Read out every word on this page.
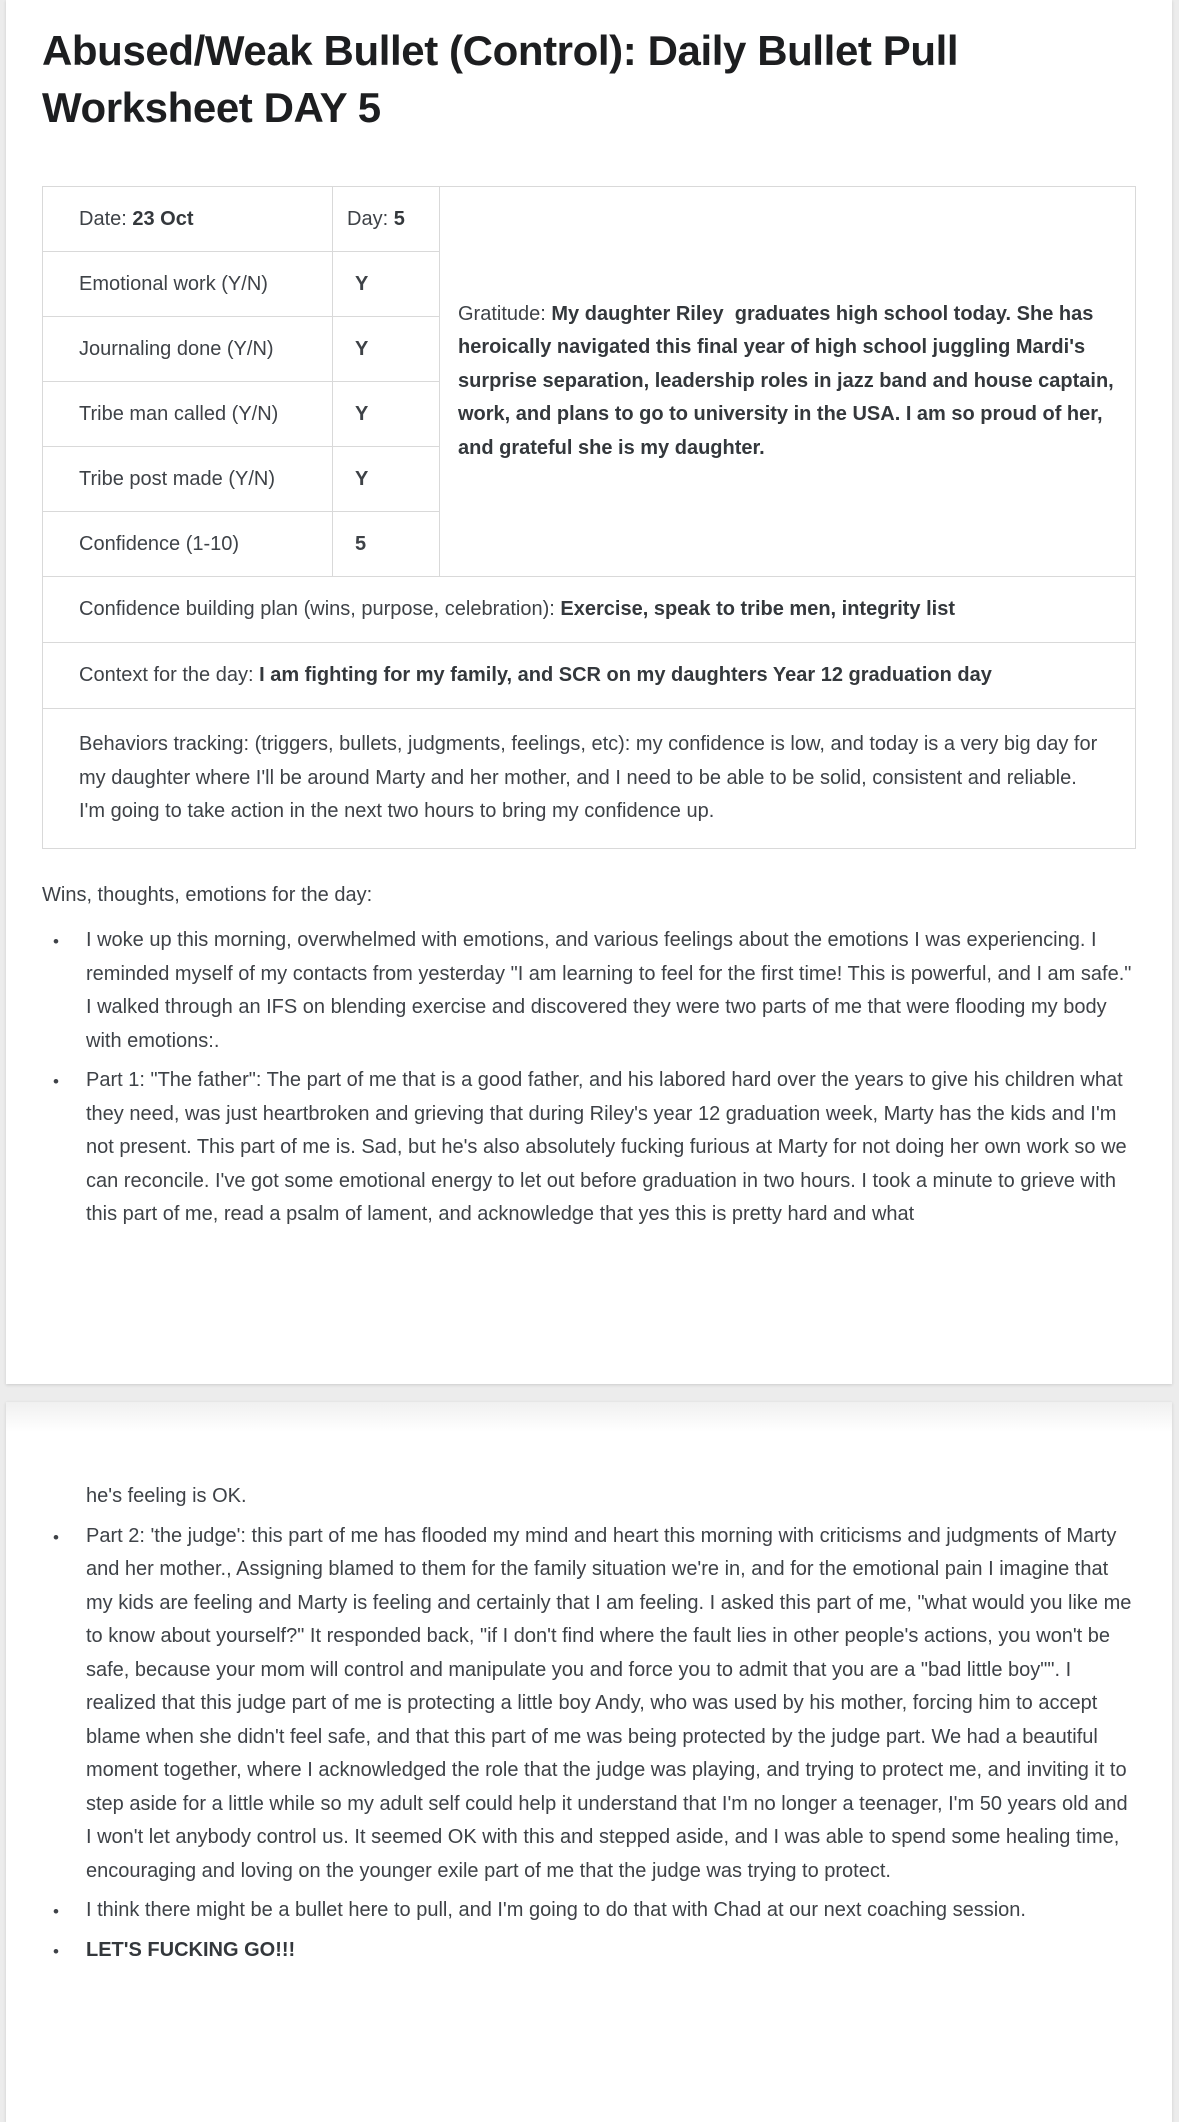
Abused/Weak Bullet (Control): Daily Bullet Pull Worksheet DAY 5
Date: 23 Oct	Day: 5	Gratitude: My daughter Riley  graduates high school today. She has heroically navigated this final year of high school juggling Mardi's surprise separation, leadership roles in jazz band and house captain, work, and plans to go to university in the USA. I am so proud of her, and grateful she is my daughter.
Emotional work (Y/N)	Y	
Journaling done (Y/N)	Y	
Tribe man called (Y/N)	Y	
Tribe post made (Y/N)	Y	
Confidence (1-10)	5	
Confidence building plan (wins, purpose, celebration): Exercise, speak to tribe men, integrity list		
Context for the day: I am fighting for my family, and SCR on my daughters Year 12 graduation day		
Behaviors tracking: (triggers, bullets, judgments, feelings, etc): my confidence is low, and today is a very big day for my daughter where I'll be around Marty and her mother, and I need to be able to be solid, consistent and reliable. I'm going to take action in the next two hours to bring my confidence up.		

Wins, thoughts, emotions for the day:

•
I woke up this morning, overwhelmed with emotions, and various feelings about the emotions I was experiencing. I reminded myself of my contacts from yesterday "I am learning to feel for the first time! This is powerful, and I am safe." I walked through an IFS on blending exercise and discovered they were two parts of me that were flooding my body with emotions:.
•
Part 1: "The father": The part of me that is a good father, and his labored hard over the years to give his children what they need, was just heartbroken and grieving that during Riley's year 12 graduation week, Marty has the kids and I'm not present. This part of me is. Sad, but he's also absolutely fucking furious at Marty for not doing her own work so we can reconcile. I've got some emotional energy to let out before graduation in two hours. I took a minute to grieve with this part of me, read a psalm of lament, and acknowledge that yes this is pretty hard and what
he's feeling is OK.
•
Part 2: 'the judge': this part of me has flooded my mind and heart this morning with criticisms and judgments of Marty and her mother., Assigning blamed to them for the family situation we're in, and for the emotional pain I imagine that my kids are feeling and Marty is feeling and certainly that I am feeling. I asked this part of me, "what would you like me to know about yourself?" It responded back, "if I don't find where the fault lies in other people's actions, you won't be safe, because your mom will control and manipulate you and force you to admit that you are a "bad little boy"". I realized that this judge part of me is protecting a little boy Andy, who was used by his mother, forcing him to accept blame when she didn't feel safe, and that this part of me was being protected by the judge part. We had a beautiful moment together, where I acknowledged the role that the judge was playing, and trying to protect me, and inviting it to step aside for a little while so my adult self could help it understand that I'm no longer a teenager, I'm 50 years old and I won't let anybody control us. It seemed OK with this and stepped aside, and I was able to spend some healing time, encouraging and loving on the younger exile part of me that the judge was trying to protect.
•
I think there might be a bullet here to pull, and I'm going to do that with Chad at our next coaching session.
•
LET'S FUCKING GO!!!
